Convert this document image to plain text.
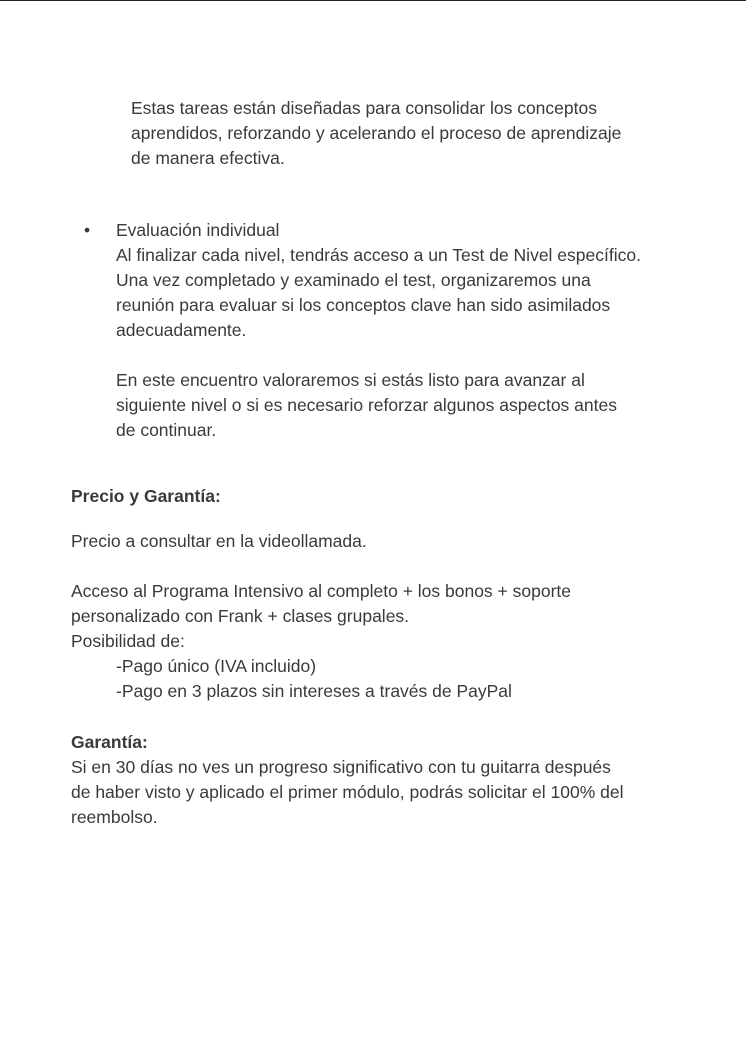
Estas tareas están diseñadas para consolidar los conceptos
aprendidos, reforzando y acelerando el proceso de aprendizaje
de manera efectiva.
• Evaluación individual
Al finalizar cada nivel, tendrás acceso a un Test de Nivel específico.
Una vez completado y examinado el test, organizaremos una
reunión para evaluar si los conceptos clave han sido asimilados
adecuadamente.
En este encuentro valoraremos si estás listo para avanzar al
siguiente nivel o si es necesario reforzar algunos aspectos antes
de continuar.
Precio y Garantía:
Precio a consultar en la videollamada.
Acceso al Programa Intensivo al completo + los bonos + soporte
personalizado con Frank + clases grupales.
Posibilidad de:
-Pago único (IVA incluido)
-Pago en 3 plazos sin intereses a través de PayPal
Garantía:
Si en 30 días no ves un progreso significativo con tu guitarra después
de haber visto y aplicado el primer módulo, podrás solicitar el 100% del
reembolso.
